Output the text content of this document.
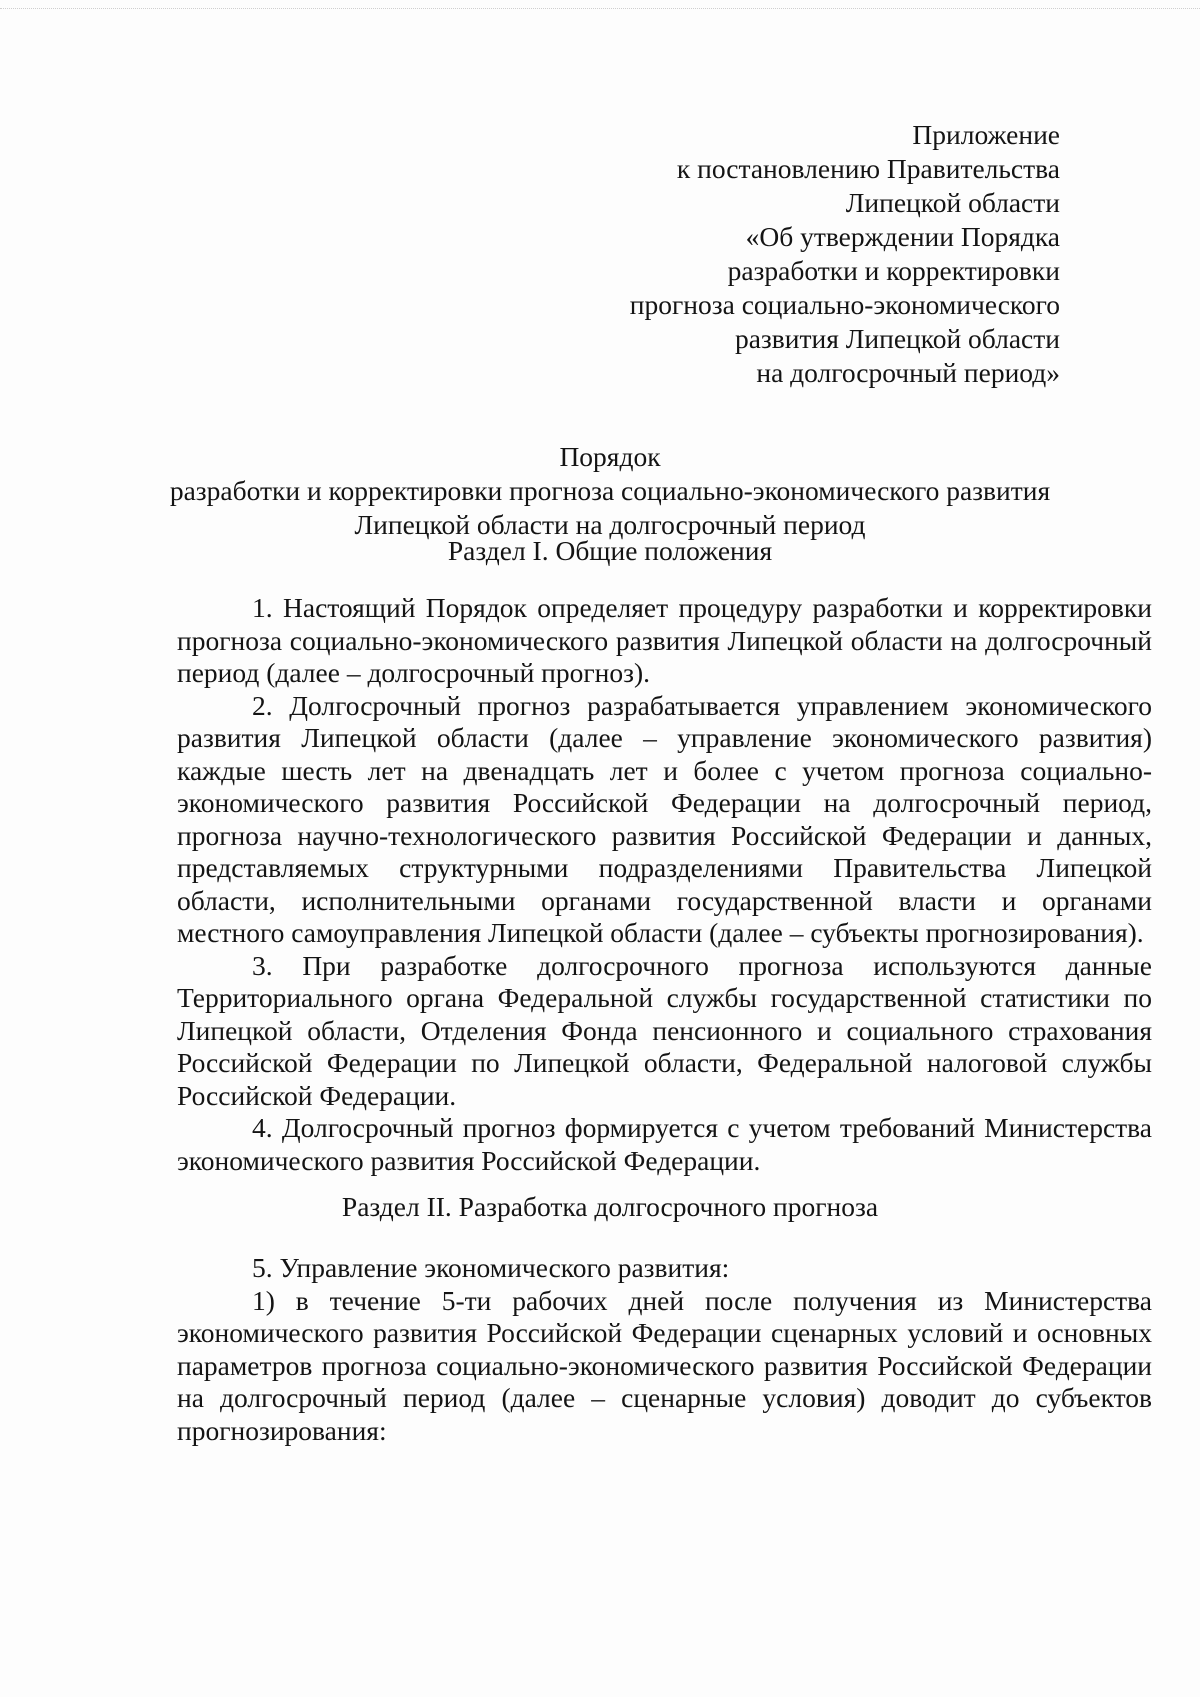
Приложение
к постановлению Правительства
Липецкой области
«Об утверждении Порядка
разработки и корректировки
прогноза социально-экономического
развития Липецкой области
на долгосрочный период»
Порядок
разработки и корректировки прогноза социально-экономического развития
Липецкой области на долгосрочный период
Раздел I. Общие положения

1. Настоящий Порядок определяет процедуру разработки и корректировки прогноза социально-экономического развития Липецкой области на долгосрочный период (далее – долгосрочный прогноз).

2. Долгосрочный прогноз разрабатывается управлением экономического развития Липецкой области (далее – управление экономического развития) каждые шесть лет на двенадцать лет и более с учетом прогноза социально-экономического развития Российской Федерации на долгосрочный период, прогноза научно-технологического развития Российской Федерации и данных, представляемых структурными подразделениями Правительства Липецкой области, исполнительными органами государственной власти и органами местного самоуправления Липецкой области (далее – субъекты прогнозирования).

3. При разработке долгосрочного прогноза используются данные Территориального органа Федеральной службы государственной статистики по Липецкой области, Отделения Фонда пенсионного и социального страхования Российской Федерации по Липецкой области, Федеральной налоговой службы Российской Федерации.

4. Долгосрочный прогноз формируется с учетом требований Министерства экономического развития Российской Федерации.

Раздел II. Разработка долгосрочного прогноза

5. Управление экономического развития:

1) в течение 5-ти рабочих дней после получения из Министерства экономического развития Российской Федерации сценарных условий и основных параметров прогноза социально-экономического развития Российской Федерации на долгосрочный период (далее – сценарные условия) доводит до субъектов прогнозирования:
